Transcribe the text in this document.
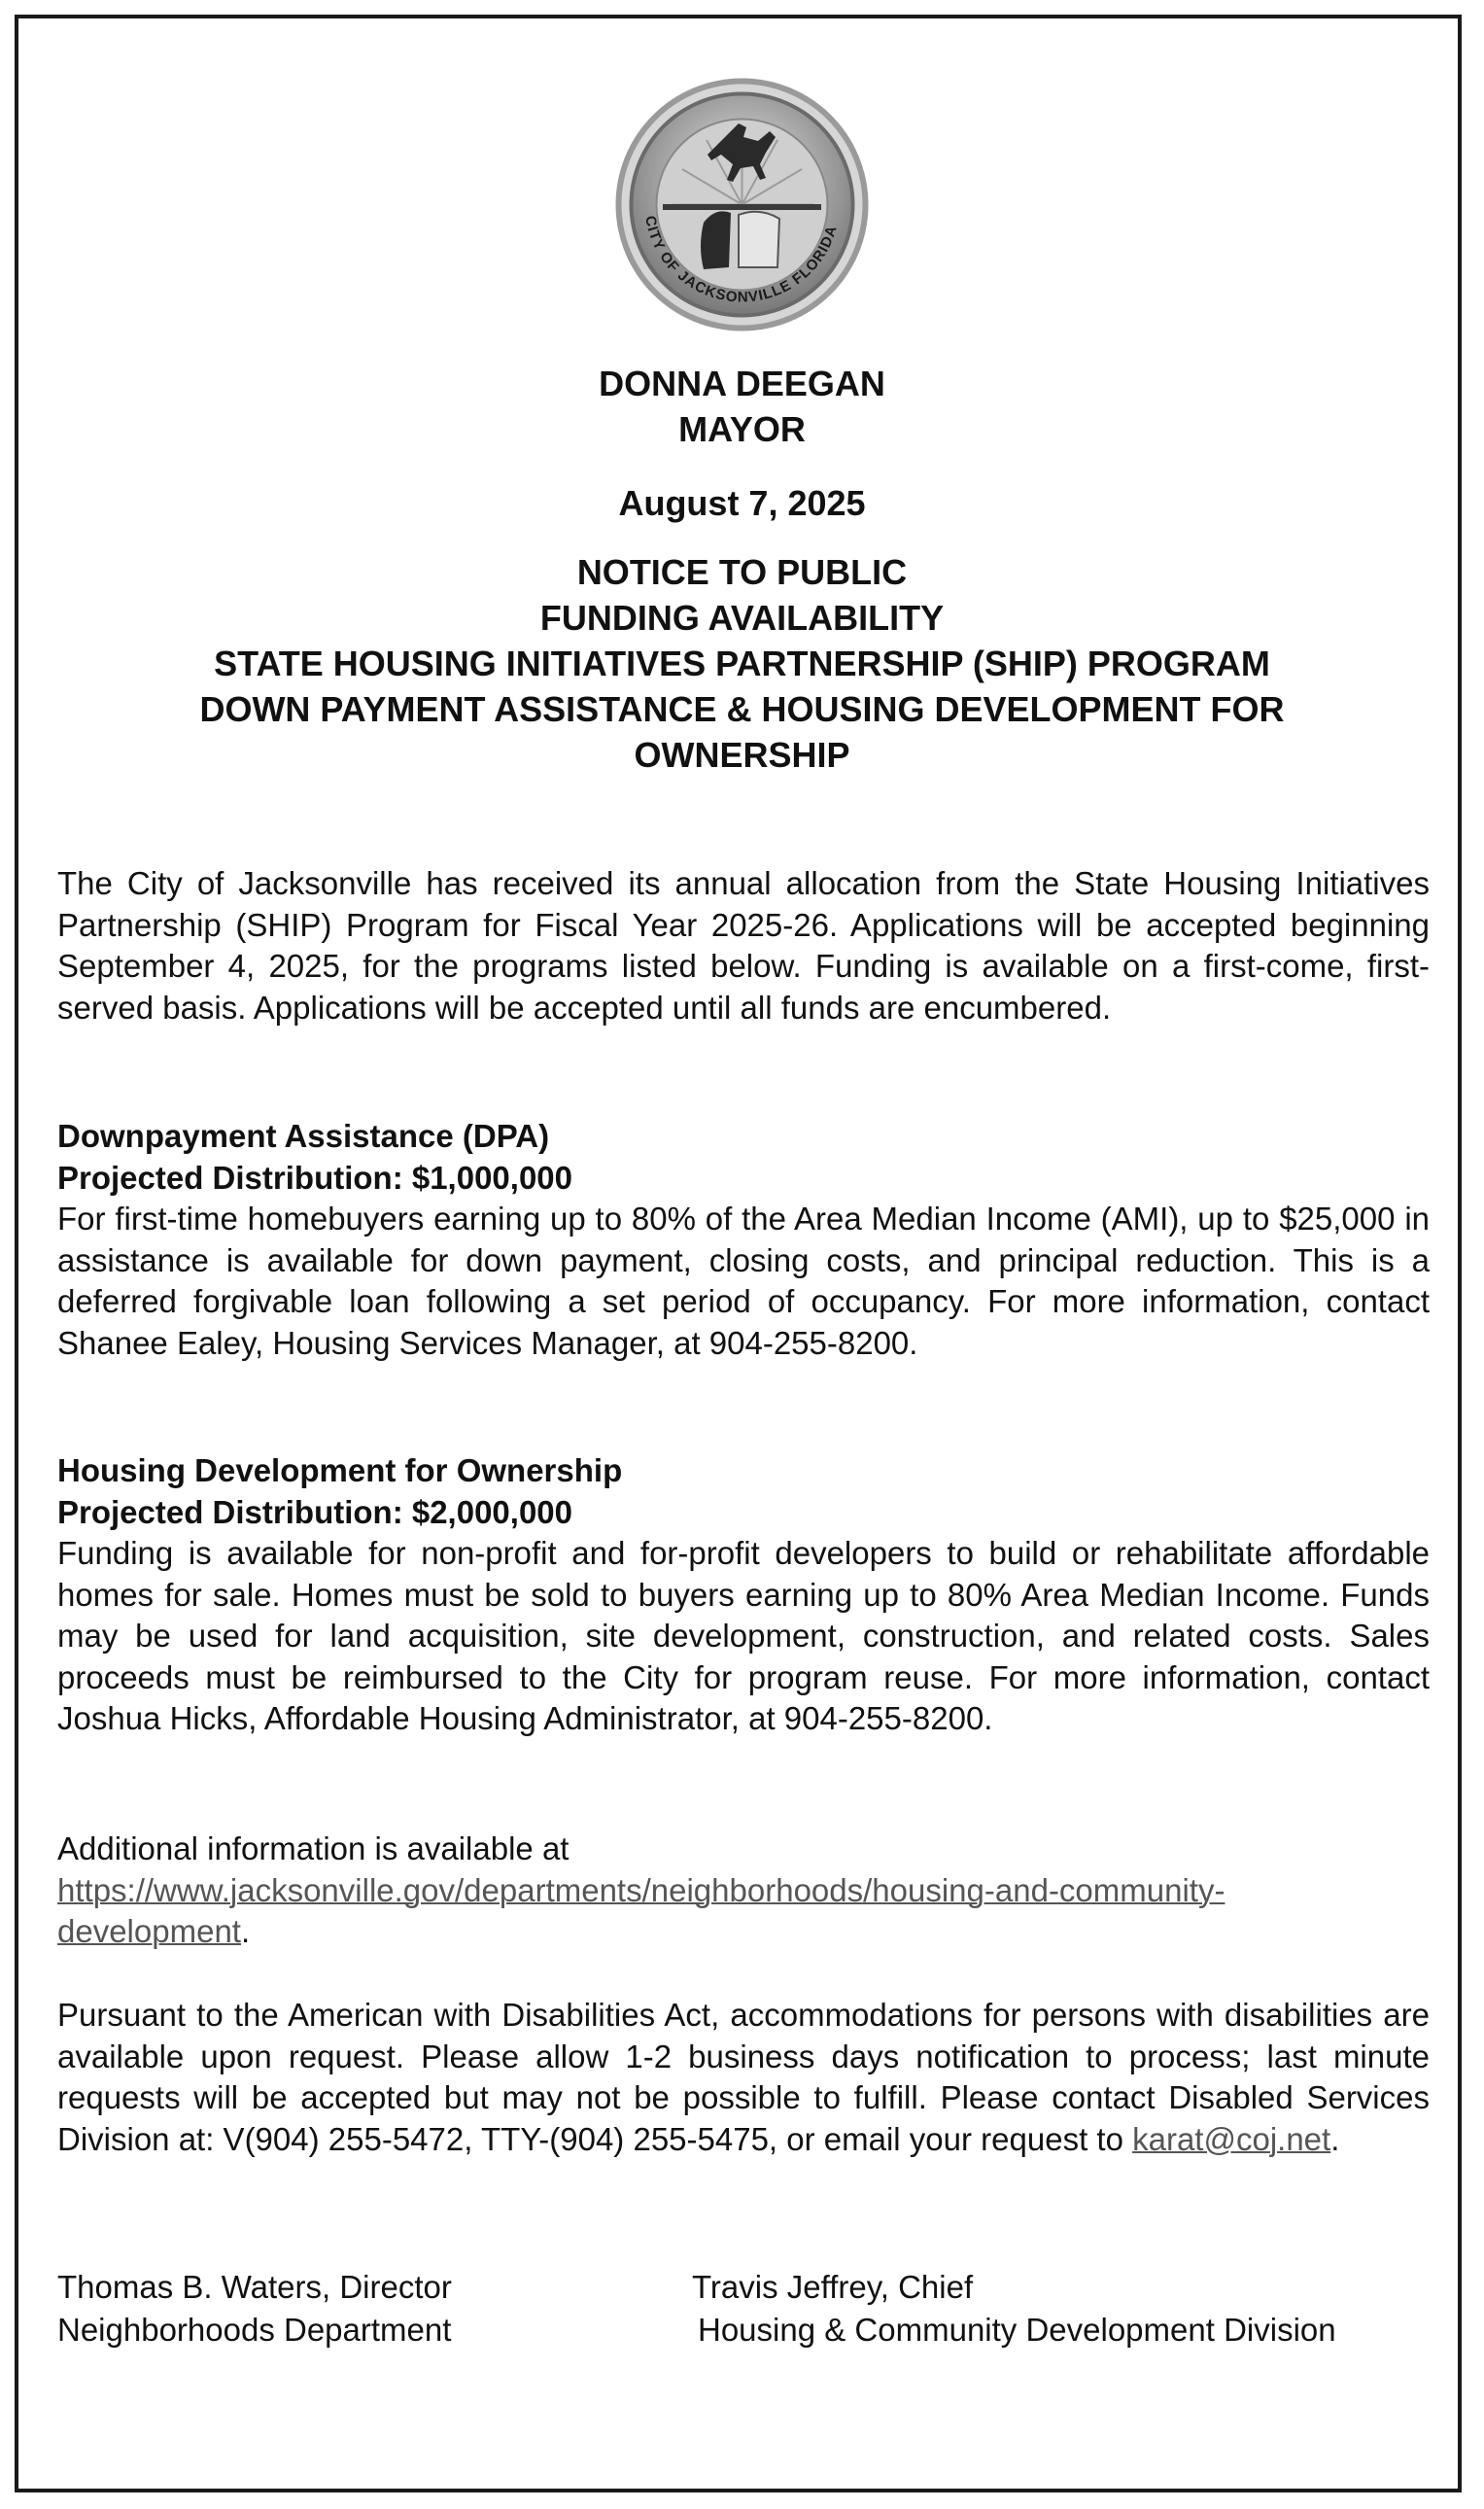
CITY OF JACKSONVILLE FLORIDA

DONNA DEEGAN

MAYOR

August 7, 2025

NOTICE TO PUBLIC

FUNDING AVAILABILITY

STATE HOUSING INITIATIVES PARTNERSHIP (SHIP) PROGRAM

DOWN PAYMENT ASSISTANCE & HOUSING DEVELOPMENT FOR OWNERSHIP

The City of Jacksonville has received its annual allocation from the State Housing Initiatives Partnership (SHIP) Program for Fiscal Year 2025-26. Applications will be accepted beginning September 4, 2025, for the programs listed below. Funding is available on a first-come, first-served basis. Applications will be accepted until all funds are encumbered.

Downpayment Assistance (DPA)

Projected Distribution: $1,000,000

For first-time homebuyers earning up to 80% of the Area Median Income (AMI), up to $25,000 in assistance is available for down payment, closing costs, and principal reduction. This is a deferred forgivable loan following a set period of occupancy. For more information, contact Shanee Ealey, Housing Services Manager, at 904-255-8200.

Housing Development for Ownership

Projected Distribution: $2,000,000

Funding is available for non-profit and for-profit developers to build or rehabilitate affordable homes for sale. Homes must be sold to buyers earning up to 80% Area Median Income. Funds may be used for land acquisition, site development, construction, and related costs. Sales proceeds must be reimbursed to the City for program reuse. For more information, contact Joshua Hicks, Affordable Housing Administrator, at 904-255-8200.

Additional information is available at

https://www.jacksonville.gov/departments/neighborhoods/housing-and-community-

development.

Pursuant to the American with Disabilities Act, accommodations for persons with disabilities are available upon request. Please allow 1-2 business days notification to process; last minute requests will be accepted but may not be possible to fulfill. Please contact Disabled Services Division at: V(904) 255-5472, TTY-(904) 255-5475, or email your request to karat@coj.net.

Thomas B. Waters, Director

Neighborhoods Department

Travis Jeffrey, Chief

Housing & Community Development Division
